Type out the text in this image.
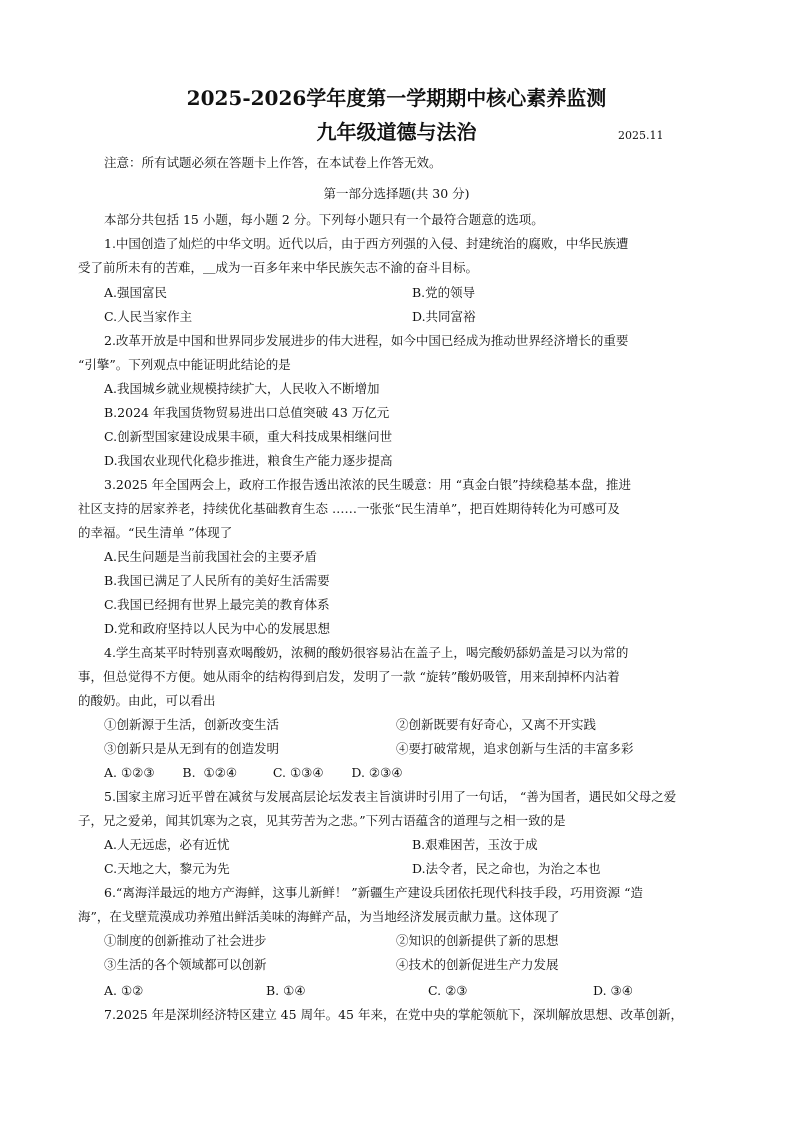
2025-2026学年度第一学期期中核心素养监测
九年级道德与法治	2025.11
注意：所有试题必须在答题卡上作答，在本试卷上作答无效。
第一部分选择题(共 30 分)
本部分共包括 15 小题，每小题 2 分。下列每小题只有一个最符合题意的选项。
1.中国创造了灿烂的中华文明。近代以后，由于西方列强的入侵、封建统治的腐败，中华民族遭
受了前所未有的苦难，＿成为一百多年来中华民族矢志不渝的奋斗目标。
A.强国富民	B.党的领导
C.人民当家作主	D.共同富裕
2.改革开放是中国和世界同步发展进步的伟大进程，如今中国已经成为推动世界经济增长的重要
“引擎”。下列观点中能证明此结论的是
A.我国城乡就业规模持续扩大，人民收入不断增加
B.2024 年我国货物贸易进出口总值突破 43 万亿元
C.创新型国家建设成果丰硕，重大科技成果相继问世
D.我国农业现代化稳步推进，粮食生产能力逐步提高
3.2025 年全国两会上，政府工作报告透出浓浓的民生暖意：用 “真金白银”持续稳基本盘，推进
社区支持的居家养老，持续优化基础教育生态 ……一张张“民生清单”，把百姓期待转化为可感可及
的幸福。“民生清单 ”体现了
A.民生问题是当前我国社会的主要矛盾
B.我国已满足了人民所有的美好生活需要
C.我国已经拥有世界上最完美的教育体系
D.党和政府坚持以人民为中心的发展思想
4.学生高某平时特别喜欢喝酸奶，浓稠的酸奶很容易沾在盖子上，喝完酸奶舔奶盖是习以为常的
事，但总觉得不方便。她从雨伞的结构得到启发，发明了一款 “旋转”酸奶吸管，用来刮掉杯内沾着
的酸奶。由此，可以看出
①创新源于生活，创新改变生活	②创新既要有好奇心，又离不开实践
③创新只是从无到有的创造发明	④要打破常规，追求创新与生活的丰富多彩
A. ①②③       B.  ①②④         C. ①③④       D. ②③④
5.国家主席习近平曾在减贫与发展高层论坛发表主旨演讲时引用了一句话， “善为国者，遇民如父母之爱
子，兄之爱弟，闻其饥寒为之哀，见其劳苦为之悲。”下列古语蕴含的道理与之相一致的是
A.人无远虑，必有近忧	B.艰难困苦，玉汝于成
C.天地之大，黎元为先	D.法令者，民之命也，为治之本也
6.“离海洋最远的地方产海鲜，这事儿新鲜！ ”新疆生产建设兵团依托现代科技手段，巧用资源 “造
海”，在戈壁荒漠成功养殖出鲜活美味的海鲜产品，为当地经济发展贡献力量。这体现了
①制度的创新推动了社会进步	②知识的创新提供了新的思想
③生活的各个领域都可以创新	④技术的创新促进生产力发展
A. ①②	B. ①④	C. ②③	D. ③④
7.2025 年是深圳经济特区建立 45 周年。45 年来，在党中央的掌舵领航下，深圳解放思想、改革创新，
